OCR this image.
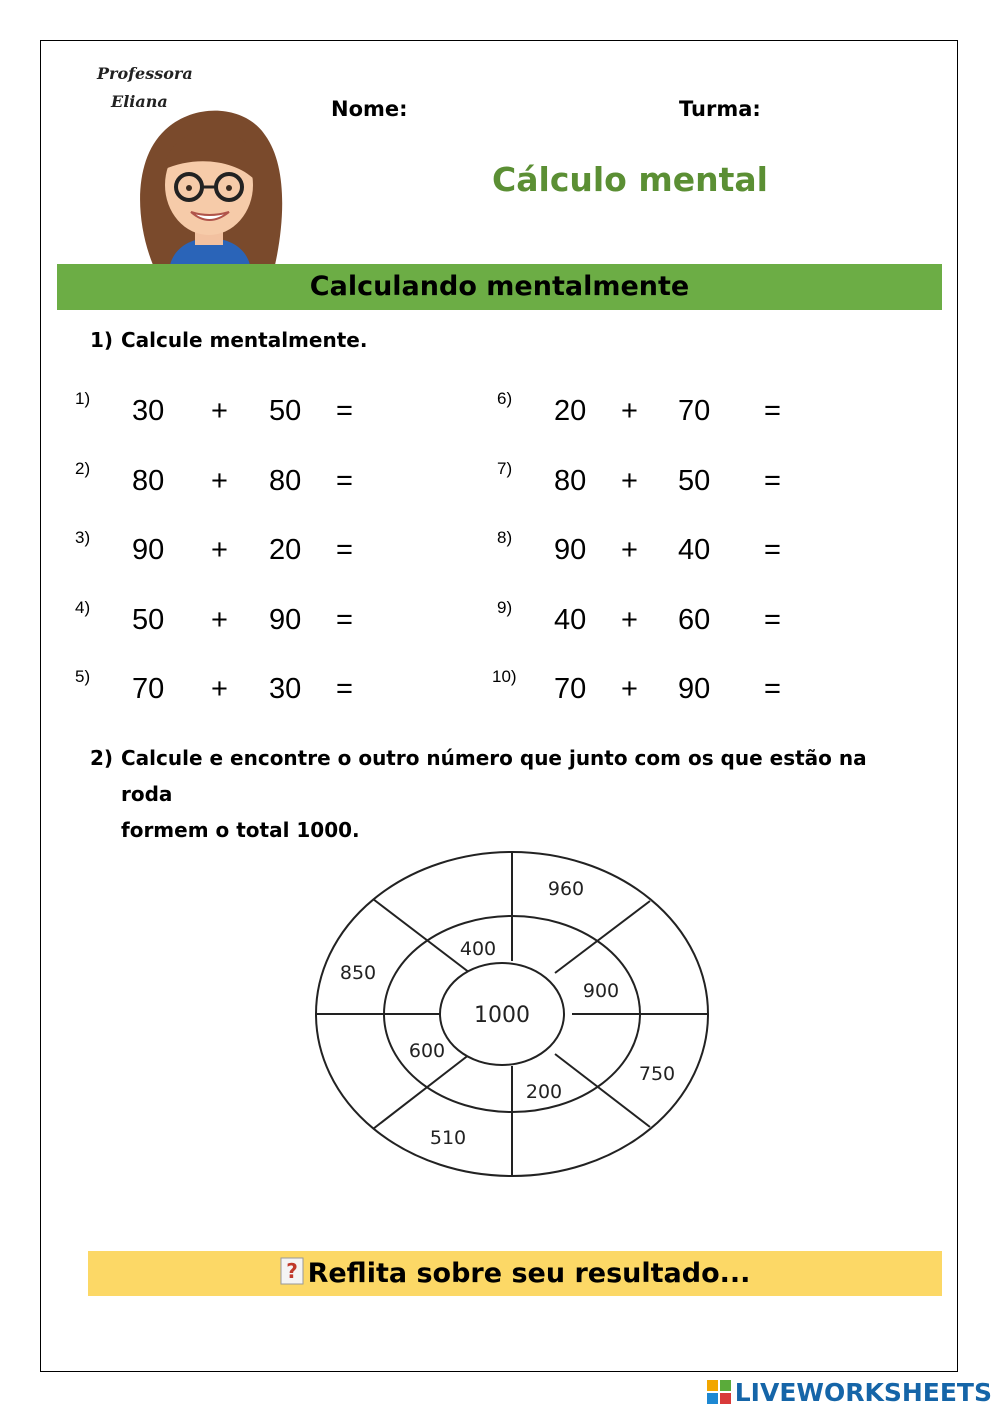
Professora
Eliana	Nome:	Turma:
Cálculo mental
Calculando mentalmente
1) Calcule mentalmente.
1) 30 + 50 =
2) 80 + 80 =
3) 90 + 20 =
4) 50 + 90 =
5) 70 + 30 =
6) 20 + 70 =
7) 80 + 50 =
8) 90 + 40 =
9) 40 + 60 =
10) 70 + 90 =
2) Calcule e encontre o outro número que junto com os que estão na roda
formem o total 1000.
1000
400
900
200
600
960
750
510
850
? Reflita sobre seu resultado...
LIVEWORKSHEETS
